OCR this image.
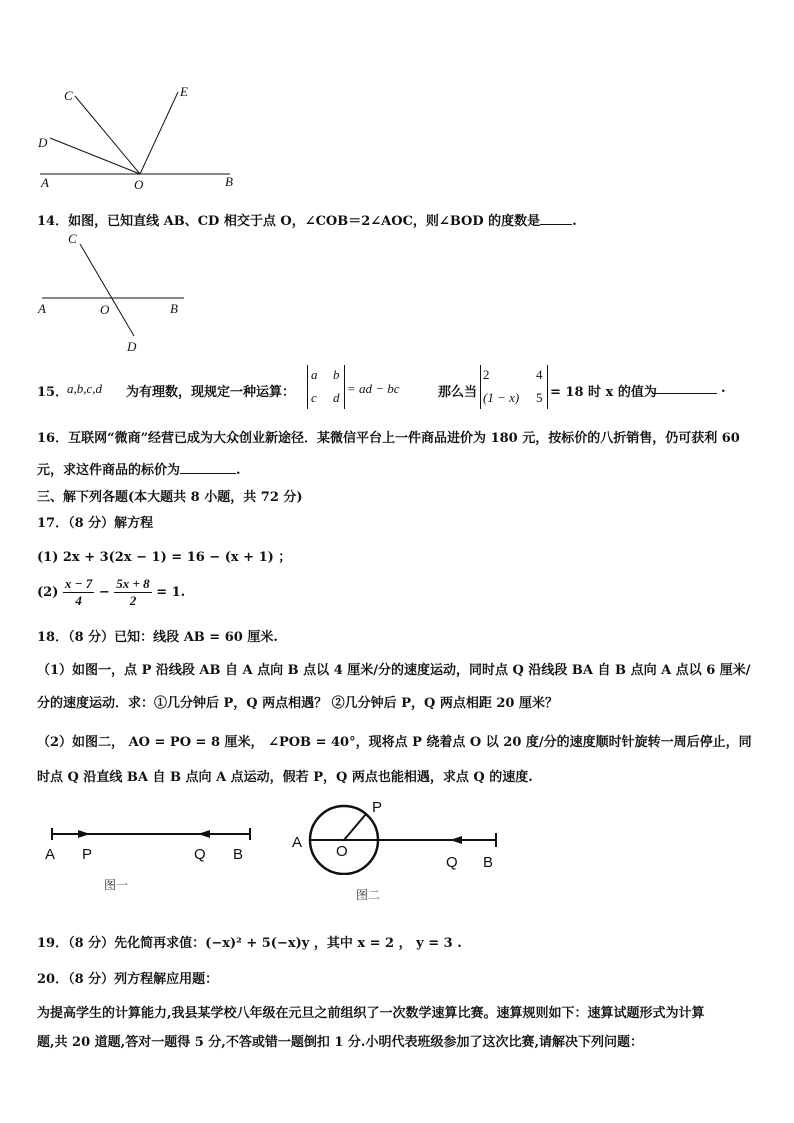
C	E
D
A	O	B
14．如图，已知直线 AB、CD 相交于点 O，∠COB＝2∠AOC，则∠BOD 的度数是 .
C
A	O	B
D
15．
a,b,c,d 为有理数，现规定一种运算：
a b
c d
= ad − bc	那么当
2	4
(1 − x) 5 = 18 时 x 的值为	.
16．互联网“微商”经营已成为大众创业新途径．某微信平台上一件商品进价为 180 元，按标价的八折销售，仍可获利 60
元，求这件商品的标价为	.
三、解下列各题(本大题共 8 小题，共 72 分)
17．（8 分）解方程
(1) 2x + 3(2x − 1) = 16 − (x + 1) ；
$(2) \frac{x - 7}{4} - \frac{5x + 8}{2} = 1$.
18．（8 分）已知：线段 AB = 60 厘米.
（1）如图一，点 P 沿线段 AB 自 A 点向 B 点以 4 厘米/分的速度运动，同时点 Q 沿线段 BA 自 B 点向 A 点以 6 厘米/
分的速度运动．求：①几分钟后 P，Q 两点相遇？ ②几分钟后 P，Q 两点相距 20 厘米？
（2）如图二， AO = PO = 8 厘米， ∠POB = 40°，现将点 P 绕着点 O 以 20 度/分的速度顺时针旋转一周后停止，同
时点 Q 沿直线 BA 自 B 点向 A 点运动，假若 P，Q 两点也能相遇，求点 Q 的速度.
A P	Q B
图一
A
O
P
Q B
图二
19．（8 分）先化简再求值：(−x)² + 5(−x)y ，其中 x = 2 ， y = 3 .
20．（8 分）列方程解应用题：
为提高学生的计算能力,我县某学校八年级在元旦之前组织了一次数学速算比赛。速算规则如下：速算试题形式为计算
题,共 20 道题,答对一题得 5 分,不答或错一题倒扣 1 分.小明代表班级参加了这次比赛,请解决下列问题：
